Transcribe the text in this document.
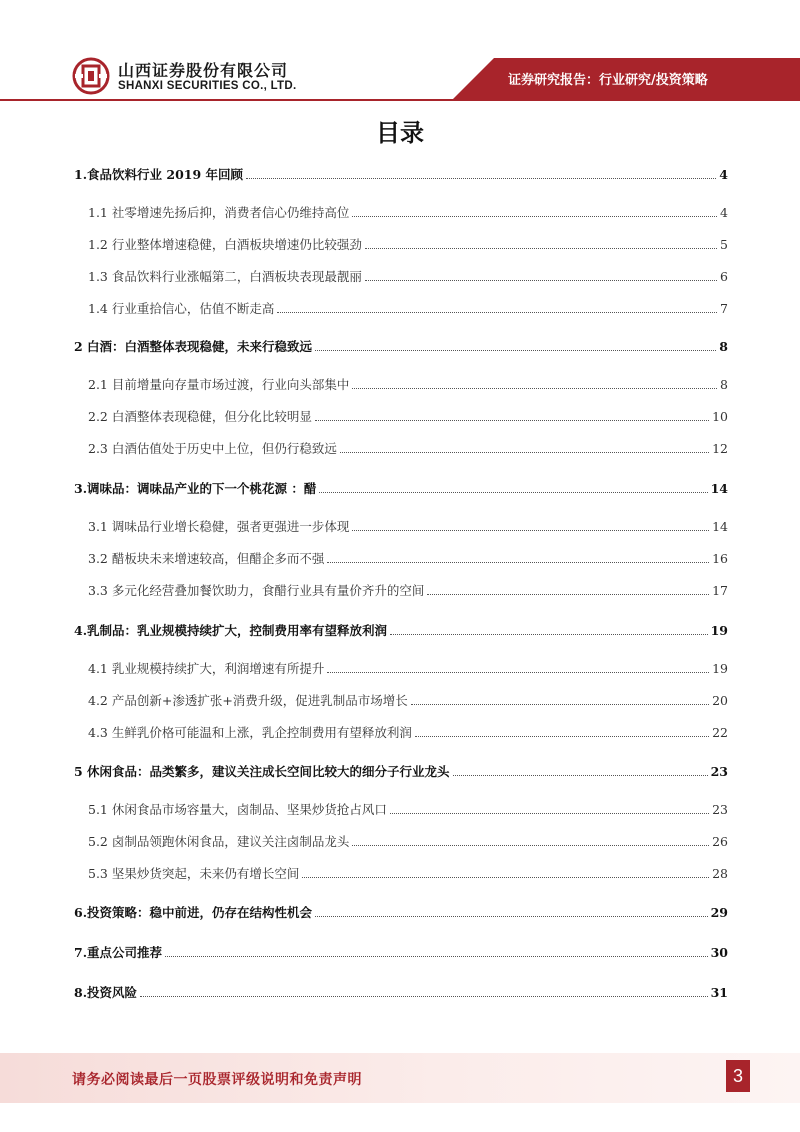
山西证券股份有限公司
SHANXI SECURITIES CO., LTD.	证券研究报告：行业研究/投资策略
目录
1.食品饮料行业 2019 年回顾	4
1.1 社零增速先扬后抑，消费者信心仍维持高位	4
1.2 行业整体增速稳健，白酒板块增速仍比较强劲	5
1.3 食品饮料行业涨幅第二，白酒板块表现最靓丽	6
1.4 行业重拾信心，估值不断走高	7
2 白酒：白酒整体表现稳健，未来行稳致远	8
2.1 目前增量向存量市场过渡，行业向头部集中	8
2.2 白酒整体表现稳健，但分化比较明显	10
2.3 白酒估值处于历史中上位，但仍行稳致远	12
3.调味品：调味品产业的下一个桃花源 ：醋	14
3.1 调味品行业增长稳健，强者更强进一步体现	14
3.2 醋板块未来增速较高，但醋企多而不强	16
3.3 多元化经营叠加餐饮助力，食醋行业具有量价齐升的空间	17
4.乳制品：乳业规模持续扩大，控制费用率有望释放利润	19
4.1 乳业规模持续扩大，利润增速有所提升	19
4.2 产品创新+渗透扩张+消费升级，促进乳制品市场增长	20
4.3 生鲜乳价格可能温和上涨，乳企控制费用有望释放利润	22
5 休闲食品：品类繁多，建议关注成长空间比较大的细分子行业龙头	23
5.1 休闲食品市场容量大，卤制品、坚果炒货抢占风口	23
5.2 卤制品领跑休闲食品，建议关注卤制品龙头	26
5.3 坚果炒货突起，未来仍有增长空间	28
6.投资策略：稳中前进，仍存在结构性机会	29
7.重点公司推荐	30
8.投资风险	31
请务必阅读最后一页股票评级说明和免责声明	3
